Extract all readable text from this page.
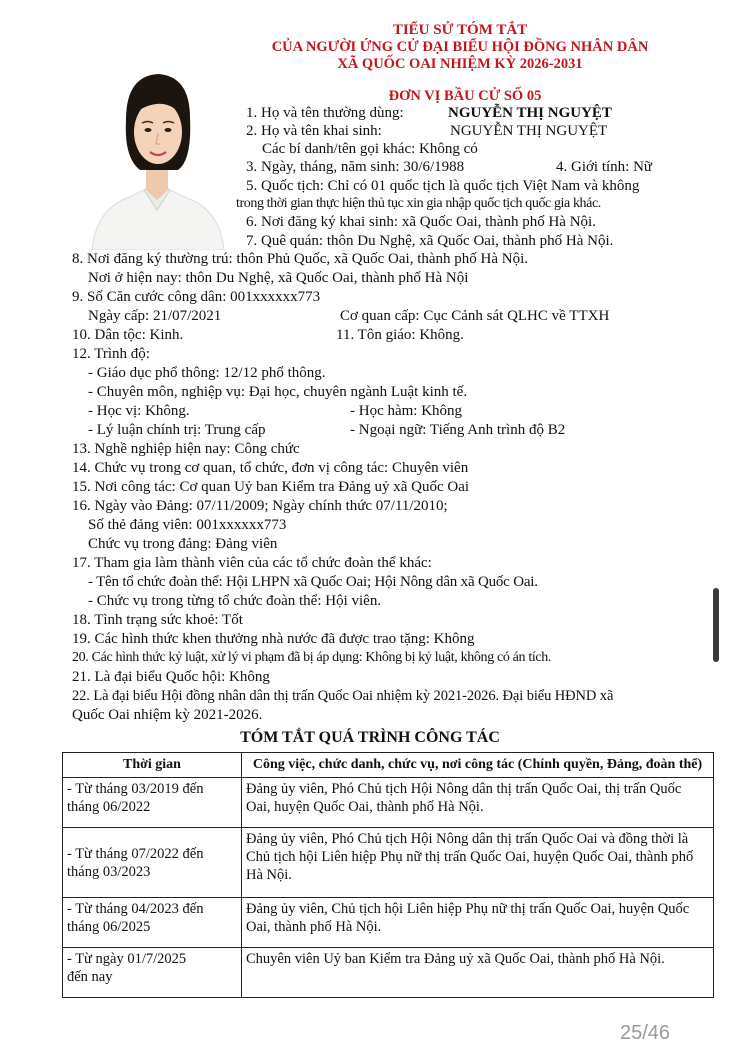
TIỂU SỬ TÓM TẮT
CỦA NGƯỜI ỨNG CỬ ĐẠI BIỂU HỘI ĐỒNG NHÂN DÂN
XÃ QUỐC OAI NHIỆM KỲ 2026-2031
ĐƠN VỊ BẦU CỬ SỐ 05
1. Họ và tên thường dùng:	NGUYỄN THỊ NGUYỆT
2. Họ và tên khai sinh:	NGUYỄN THỊ NGUYỆT
Các bí danh/tên gọi khác: Không có
3. Ngày, tháng, năm sinh: 30/6/1988	4. Giới tính: Nữ
5. Quốc tịch: Chỉ có 01 quốc tịch là quốc tịch Việt Nam và không
trong thời gian thực hiện thủ tục xin gia nhập quốc tịch quốc gia khác.
6. Nơi đăng ký khai sinh: xã Quốc Oai, thành phố Hà Nội.
7. Quê quán: thôn Du Nghệ, xã Quốc Oai, thành phố Hà Nội.
8. Nơi đăng ký thường trú: thôn Phủ Quốc, xã Quốc Oai, thành phố Hà Nội.
Nơi ở hiện nay: thôn Du Nghệ, xã Quốc Oai, thành phố Hà Nội
9. Số Căn cước công dân: 001xxxxxx773
Ngày cấp: 21/07/2021	Cơ quan cấp: Cục Cảnh sát QLHC về TTXH
10. Dân tộc: Kinh.	11. Tôn giáo: Không.
12. Trình độ:
- Giáo dục phổ thông: 12/12 phổ thông.
- Chuyên môn, nghiệp vụ: Đại học, chuyên ngành Luật kinh tế.
- Học vị: Không.	- Học hàm: Không
- Lý luận chính trị: Trung cấp	- Ngoại ngữ: Tiếng Anh trình độ B2
13. Nghề nghiệp hiện nay: Công chức
14. Chức vụ trong cơ quan, tổ chức, đơn vị công tác: Chuyên viên
15. Nơi công tác: Cơ quan Uỷ ban Kiểm tra Đảng uỷ xã Quốc Oai
16. Ngày vào Đảng: 07/11/2009; Ngày chính thức 07/11/2010;
Số thẻ đảng viên: 001xxxxxx773
Chức vụ trong đảng: Đảng viên
17. Tham gia làm thành viên của các tổ chức đoàn thể khác:
- Tên tổ chức đoàn thể: Hội LHPN xã Quốc Oai; Hội Nông dân xã Quốc Oai.
- Chức vụ trong từng tổ chức đoàn thể: Hội viên.
18. Tình trạng sức khoẻ: Tốt
19. Các hình thức khen thưởng nhà nước đã được trao tặng: Không
20. Các hình thức kỷ luật, xử lý vi phạm đã bị áp dụng: Không bị kỷ luật, không có án tích.
21. Là đại biểu Quốc hội: Không
22. Là đại biểu Hội đồng nhân dân thị trấn Quốc Oai nhiệm kỳ 2021-2026. Đại biểu HĐND xã
Quốc Oai nhiệm kỳ 2021-2026.
TÓM TẮT QUÁ TRÌNH CÔNG TÁC
Thời gian	Công việc, chức danh, chức vụ, nơi công tác (Chính quyền, Đảng, đoàn thể)

- Từ tháng 03/2019 đến
tháng 06/2022	Đảng ủy viên, Phó Chủ tịch Hội Nông dân thị trấn Quốc Oai, thị trấn Quốc Oai, huyện Quốc Oai, thành phố Hà Nội.

- Từ tháng 07/2022 đến
tháng 03/2023	Đảng ủy viên, Phó Chủ tịch Hội Nông dân thị trấn Quốc Oai và đồng thời là Chủ tịch hội Liên hiệp Phụ nữ thị trấn Quốc Oai, huyện Quốc Oai, thành phố Hà Nội.

- Từ tháng 04/2023 đến
tháng 06/2025	Đảng ủy viên, Chủ tịch hội Liên hiệp Phụ nữ thị trấn Quốc Oai, huyện Quốc Oai, thành phố Hà Nội.

- Từ ngày 01/7/2025
đến nay	Chuyên viên Uỷ ban Kiểm tra Đảng uỷ xã Quốc Oai, thành phố Hà Nội.
25/46
